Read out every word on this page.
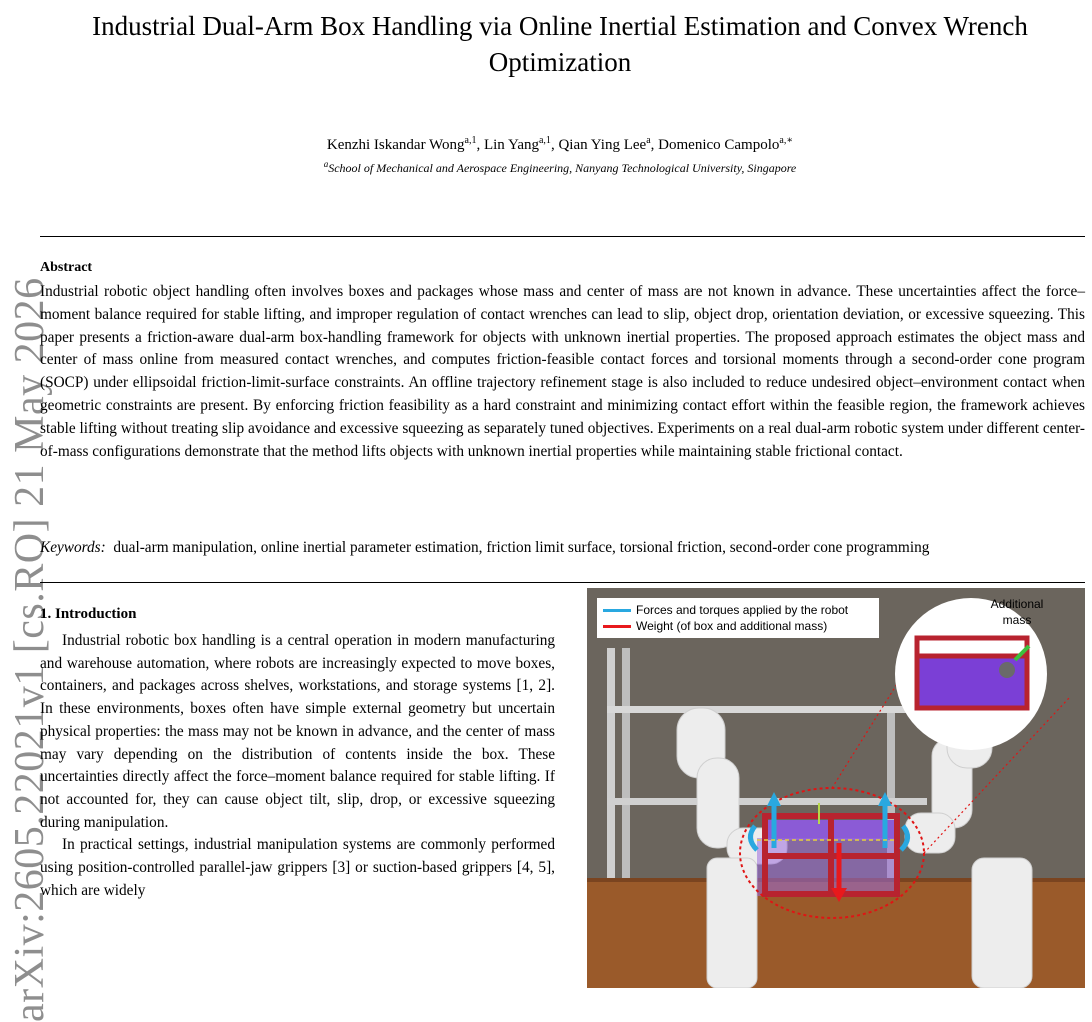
arXiv:2605.22021v1 [cs.RO] 21 May 2026
Industrial Dual-Arm Box Handling via Online Inertial Estimation and Convex Wrench
Optimization
Kenzhi Iskandar Wong$^{a,1}$, Lin Yang$^{a,1}$, Qian Ying Lee$^a$, Domenico Campolo$^{a,∗}$
$^a$School of Mechanical and Aerospace Engineering, Nanyang Technological University, Singapore
Abstract
Industrial robotic object handling often involves boxes and packages whose mass and center of mass are not known in advance. These uncertainties affect the force–moment balance required for stable lifting, and improper regulation of contact wrenches can lead to slip, object drop, orientation deviation, or excessive squeezing. This paper presents a friction-aware dual-arm box-handling framework for objects with unknown inertial properties. The proposed approach estimates the object mass and center of mass online from measured contact wrenches, and computes friction-feasible contact forces and torsional moments through a second-order cone program (SOCP) under ellipsoidal friction-limit-surface constraints. An offline trajectory refinement stage is also included to reduce undesired object–environment contact when geometric constraints are present. By enforcing friction feasibility as a hard constraint and minimizing contact effort within the feasible region, the framework achieves stable lifting without treating slip avoidance and excessive squeezing as separately tuned objectives. Experiments on a real dual-arm robotic system under different center-of-mass configurations demonstrate that the method lifts objects with unknown inertial properties while maintaining stable frictional contact.
Keywords: dual-arm manipulation, online inertial parameter estimation, friction limit surface, torsional friction, second-order cone programming
1. Introduction

Industrial robotic box handling is a central operation in modern manufacturing and warehouse automation, where robots are increasingly expected to move boxes, containers, and packages across shelves, workstations, and storage systems [1, 2]. In these environments, boxes often have simple external geometry but uncertain physical properties: the mass may not be known in advance, and the center of mass may vary depending on the distribution of contents inside the box. These uncertainties directly affect the force–moment balance required for stable lifting. If not accounted for, they can cause object tilt, slip, drop, or excessive squeezing during manipulation.

In practical settings, industrial manipulation systems are commonly performed using position-controlled parallel-jaw grippers [3] or suction-based grippers [4, 5], which are widely

Forces and torques applied by the robot
Weight (of box and additional mass)
Additional mass
